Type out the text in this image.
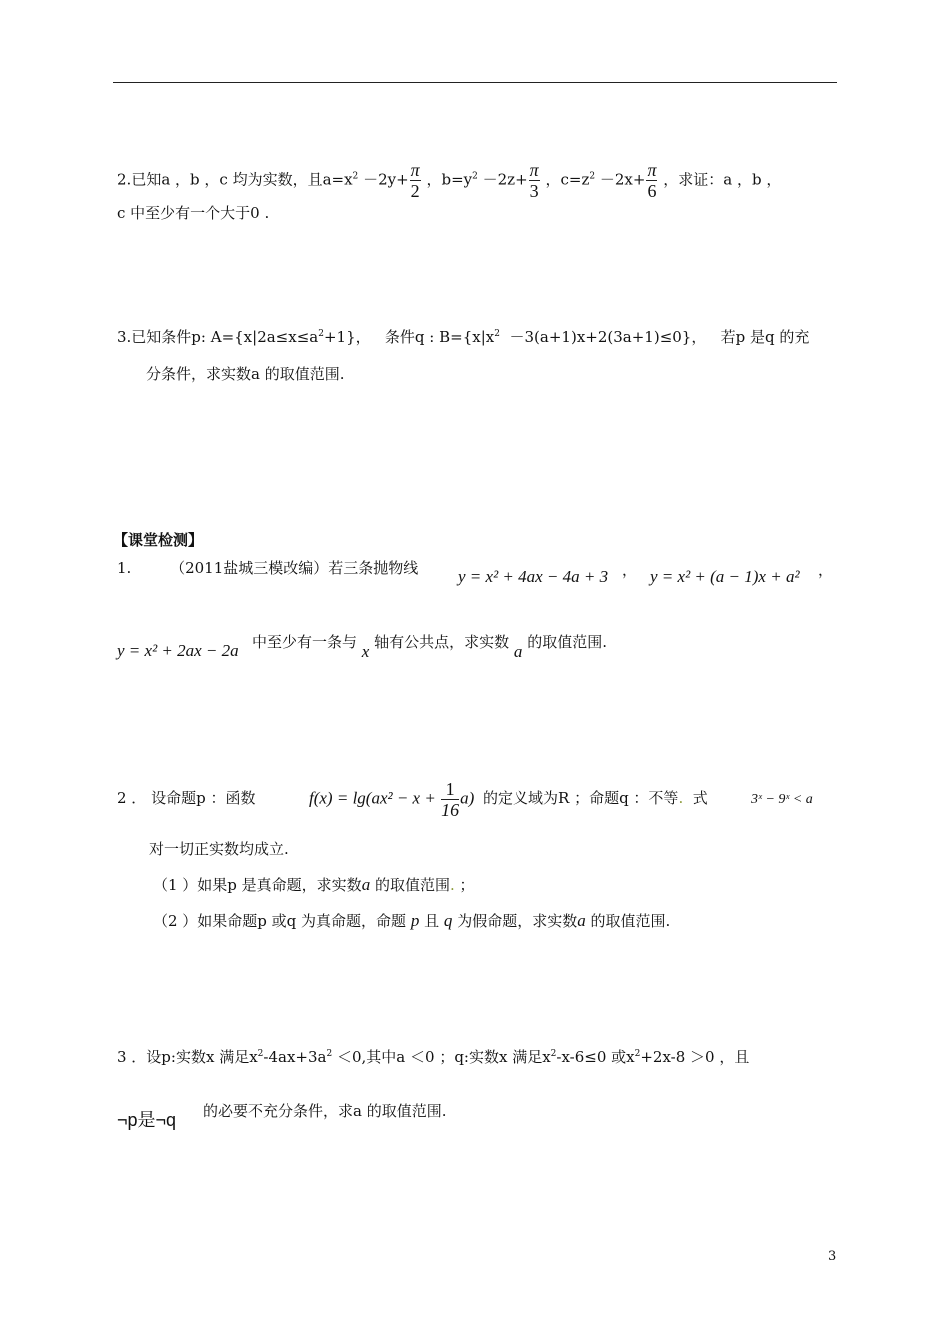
2.已知a ，b ，c 均为实数，且$a=x^2 -2y+ \frac{\pi}{2}$ ，$b=y^2 -2z+ \frac{\pi}{3}$ ，$c=z^2 -2x+ \frac{\pi}{6}$ ，求证：a ，b ，
c 中至少有一个大于0 .
3.已知条件p: $A=\{x|2a\le x\le a^2+1\}$， 条件q : $B=\{x|x^2 -3(a+1)x+2(3a+1)\le 0\}$， 若p 是q 的充
分条件，求实数a 的取值范围.
【课堂检测】
1.	（2011盐城三模改编）若三条抛物线 y = x² + 4ax − 4a + 3 ， y = x² + (a − 1)x + a² ，
y = x² + 2ax − 2a 中至少有一条与 x 轴有公共点，求实数 a 的取值范围.
2 ． 设命题p ：函数	$f(x) = \lg(ax^2 - x + \frac{1}{16} a)$ 的定义域为R ；命题q ：不等. 式	3ˣ − 9ˣ < a
对一切正实数均成立.
（1 ）如果p 是真命题，求实数a 的取值范围. ；
（2 ）如果命题p 或q 为真命题，命题 p 且 q 为假命题，求实数a 的取值范围.
3 ．设p:实数x 满足$x^2-4ax+3a^2 <0$,其中a ＜0 ；q:实数x 满足$x^2-x-6\le 0$ 或$x^2+2x-8 >0$ ，且
¬p是¬q 的必要不充分条件，求a 的取值范围.
3
